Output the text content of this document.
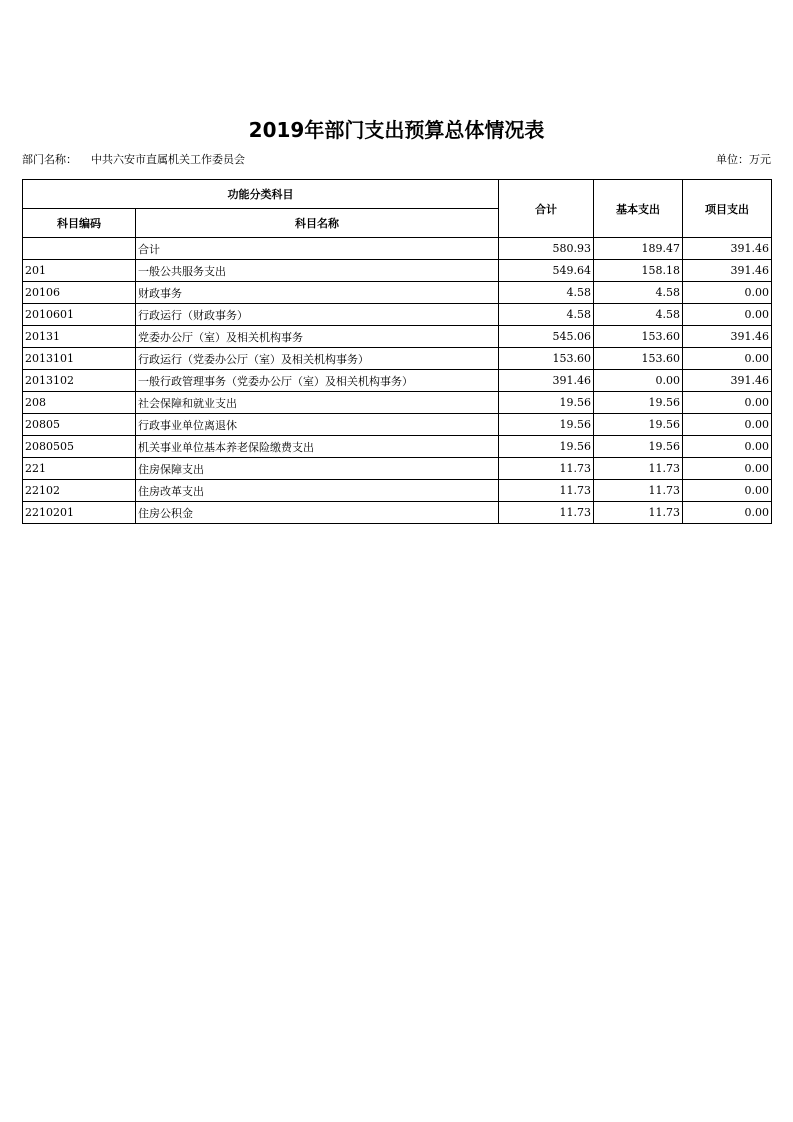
2019年部门支出预算总体情况表
部门名称： 中共六安市直属机关工作委员会	单位：万元
功能分类科目		合计	基本支出	项目支出
科目编码	科目名称			
	合计	580.93	189.47	391.46
201	一般公共服务支出	549.64	158.18	391.46
20106	财政事务	4.58	4.58	0.00
2010601	行政运行（财政事务）	4.58	4.58	0.00
20131	党委办公厅（室）及相关机构事务	545.06	153.60	391.46
2013101	行政运行（党委办公厅（室）及相关机构事务）	153.60	153.60	0.00
2013102	一般行政管理事务（党委办公厅（室）及相关机构事务）	391.46	0.00	391.46
208	社会保障和就业支出	19.56	19.56	0.00
20805	行政事业单位离退休	19.56	19.56	0.00
2080505	机关事业单位基本养老保险缴费支出	19.56	19.56	0.00
221	住房保障支出	11.73	11.73	0.00
22102	住房改革支出	11.73	11.73	0.00
2210201	住房公积金	11.73	11.73	0.00
